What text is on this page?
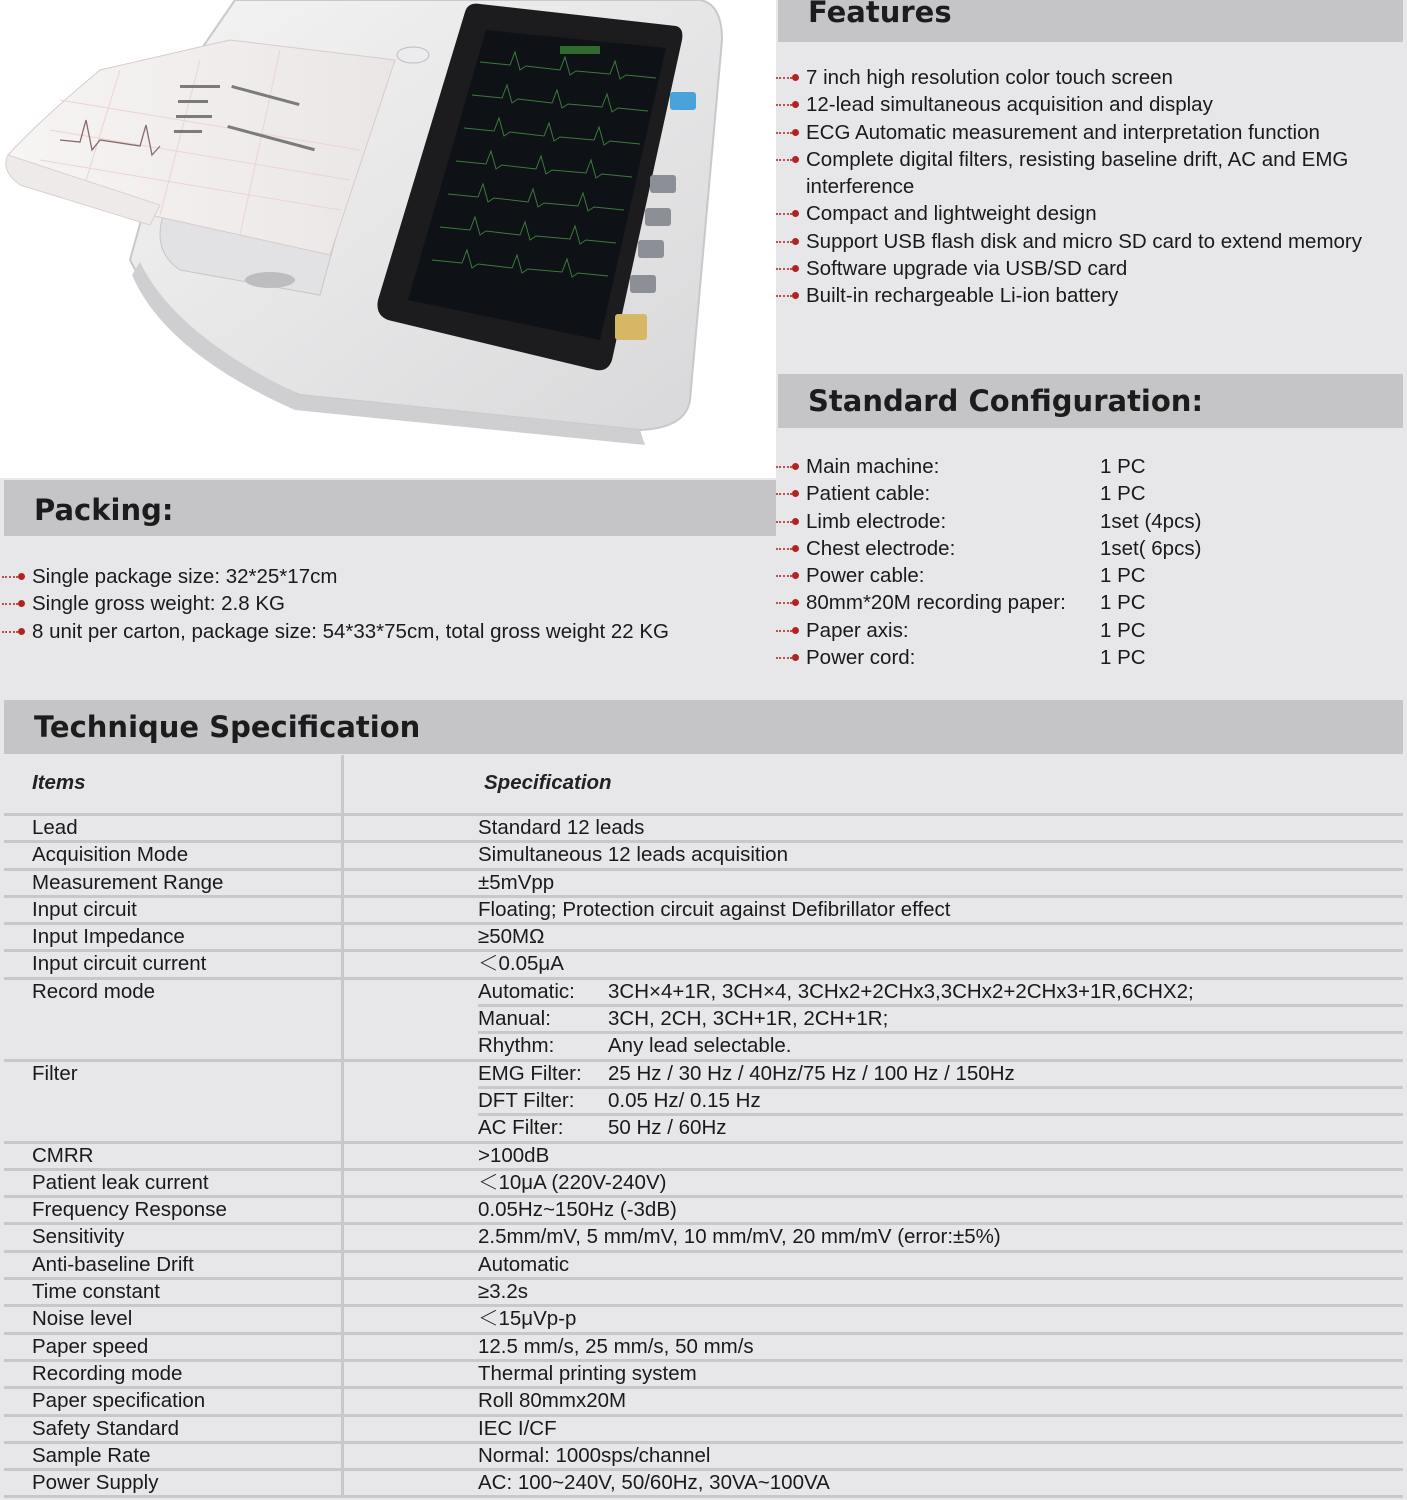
Features
7 inch high resolution color touch screen
12-lead simultaneous acquisition and display
ECG Automatic measurement and interpretation function
Complete digital filters, resisting baseline drift, AC and EMG interference
Compact and lightweight design
Support USB flash disk and micro SD card to extend memory
Software upgrade via USB/SD card
Built-in rechargeable Li-ion battery
Standard Configuration:
Main machine:	1 PC
Patient cable:	1 PC
Limb electrode:	1set (4pcs)
Chest electrode:	1set( 6pcs)
Power cable:	1 PC
80mm*20M recording paper: 1 PC
Paper axis:	1 PC
Power cord:	1 PC
Packing:
Single package size: 32*25*17cm
Single gross weight: 2.8 KG
8 unit per carton, package size: 54*33*75cm, total gross weight 22 KG
Technique Specification
Items	Specification
Lead	Standard 12 leads
Acquisition Mode	Simultaneous 12 leads acquisition
Measurement Range	±5mVpp
Input circuit	Floating; Protection circuit against Defibrillator effect
Input Impedance	≥50MΩ
Input circuit current	＜0.05μA
Record mode	Automatic: 3CH×4+1R, 3CH×4, 3CHx2+2CHx3,3CHx2+2CHx3+1R,6CHX2;
Manual:	3CH, 2CH, 3CH+1R, 2CH+1R;
Rhythm:	Any lead selectable.
Filter	EMG Filter: 25 Hz / 30 Hz / 40Hz/75 Hz / 100 Hz / 150Hz
DFT Filter: 0.05 Hz/ 0.15 Hz
AC Filter: 50 Hz / 60Hz
CMRR	>100dB
Patient leak current	＜10μA (220V-240V)
Frequency Response	0.05Hz~150Hz (-3dB)
Sensitivity	2.5mm/mV, 5 mm/mV, 10 mm/mV, 20 mm/mV (error:±5%)
Anti-baseline Drift	Automatic
Time constant	≥3.2s
Noise level	＜15μVp-p
Paper speed	12.5 mm/s, 25 mm/s, 50 mm/s
Recording mode	Thermal printing system
Paper specification	Roll 80mmx20M
Safety Standard	IEC I/CF
Sample Rate	Normal: 1000sps/channel
Power Supply	AC: 100~240V, 50/60Hz, 30VA~100VA
